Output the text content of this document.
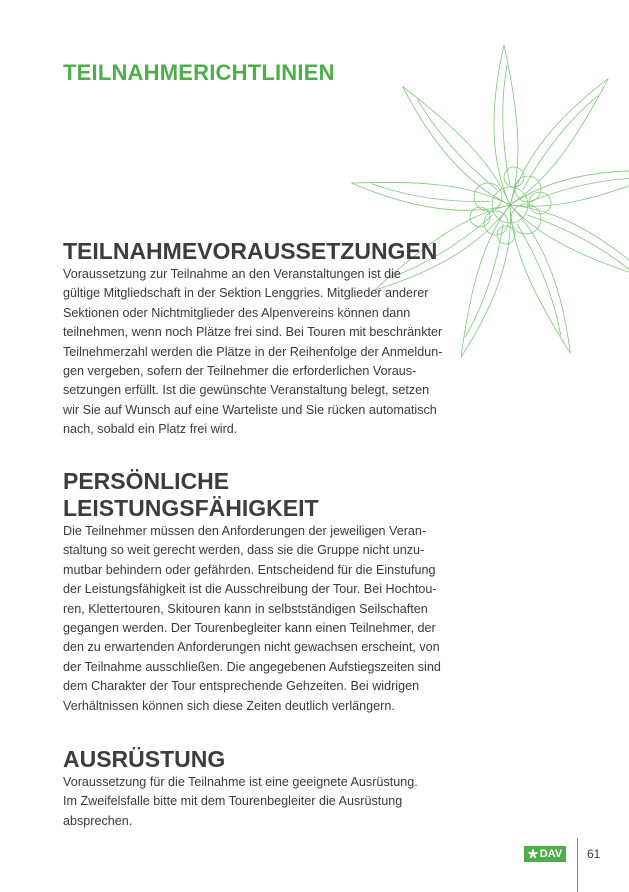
TEILNAHMERICHTLINIEN
TEILNAHMEVORAUSSETZUNGEN

Voraussetzung zur Teilnahme an den Veranstaltungen ist die
gültige Mitgliedschaft in der Sektion Lenggries. Mitglieder anderer
Sektionen oder Nichtmitglieder des Alpenvereins können dann
teilnehmen, wenn noch Plätze frei sind. Bei Touren mit beschränkter
Teilnehmerzahl werden die Plätze in der Reihenfolge der Anmeldun-
gen vergeben, sofern der Teilnehmer die erforderlichen Voraus-
setzungen erfüllt. Ist die gewünschte Veranstaltung belegt, setzen
wir Sie auf Wunsch auf eine Warteliste und Sie rücken automatisch
nach, sobald ein Platz frei wird.

PERSÖNLICHE
LEISTUNGSFÄHIGKEIT

Die Teilnehmer müssen den Anforderungen der jeweiligen Veran-
staltung so weit gerecht werden, dass sie die Gruppe nicht unzu-
mutbar behindern oder gefährden. Entscheidend für die Einstufung
der Leistungsfähigkeit ist die Ausschreibung der Tour. Bei Hochtou-
ren, Klettertouren, Skitouren kann in selbstständigen Seilschaften
gegangen werden. Der Tourenbegleiter kann einen Teilnehmer, der
den zu erwartenden Anforderungen nicht gewachsen erscheint, von
der Teilnahme ausschließen. Die angegebenen Aufstiegszeiten sind
dem Charakter der Tour entsprechende Gehzeiten. Bei widrigen
Verhältnissen können sich diese Zeiten deutlich verlängern.

AUSRÜSTUNG

Voraussetzung für die Teilnahme ist eine geeignete Ausrüstung.
Im Zweifelsfalle bitte mit dem Tourenbegleiter die Ausrüstung
absprechen.

DAV 61
